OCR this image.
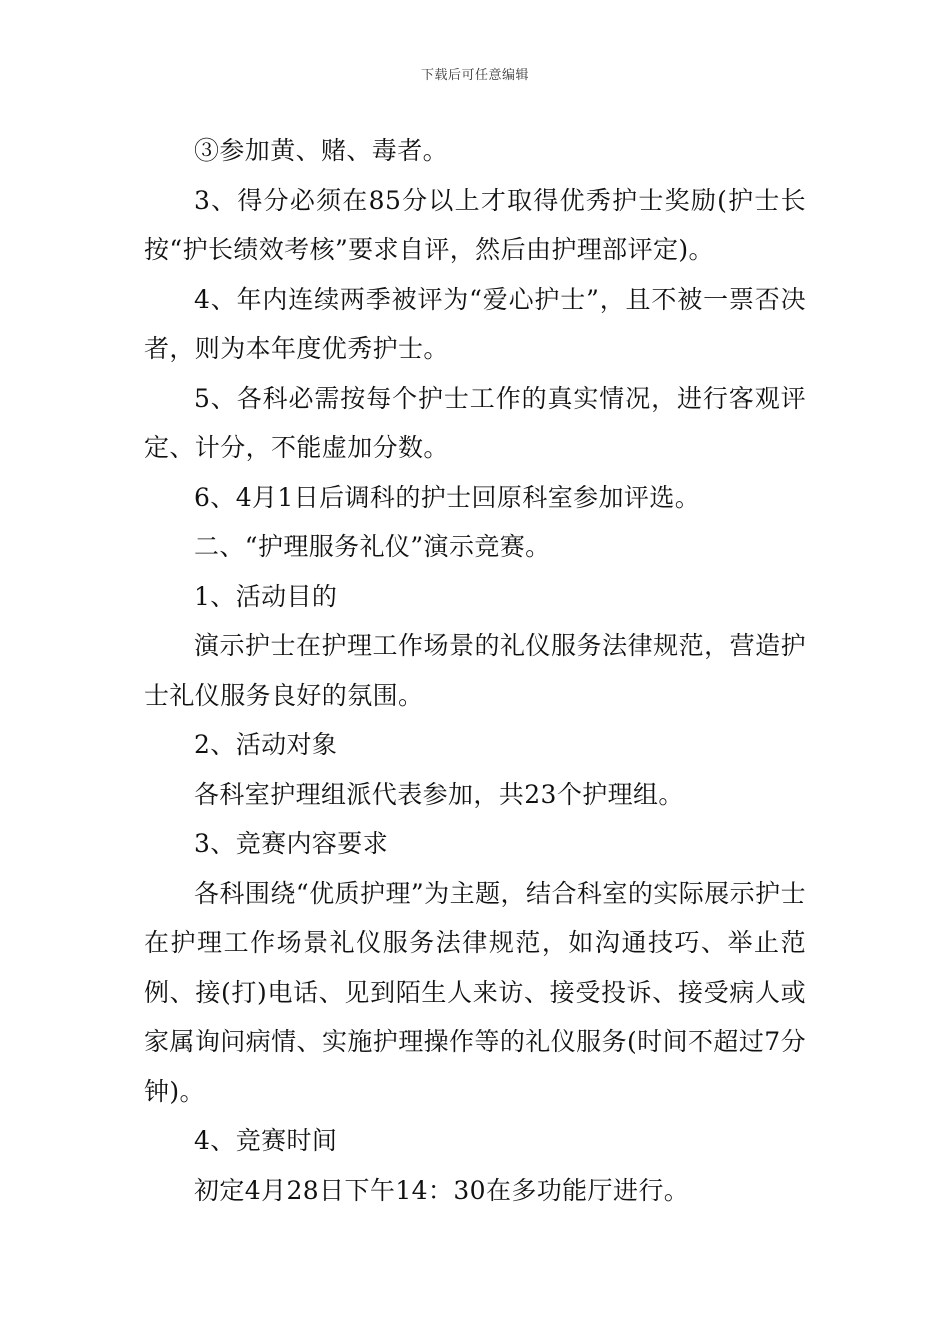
下载后可任意编辑

③参加黄、赌、毒者。

3、得分必须在85分以上才取得优秀护士奖励(护士长按“护长绩效考核”要求自评，然后由护理部评定)。

4、年内连续两季被评为“爱心护士”，且不被一票否决者，则为本年度优秀护士。

5、各科必需按每个护士工作的真实情况，进行客观评定、计分，不能虚加分数。

6、4月1日后调科的护士回原科室参加评选。

二、“护理服务礼仪”演示竞赛。

1、活动目的

演示护士在护理工作场景的礼仪服务法律规范，营造护士礼仪服务良好的氛围。

2、活动对象

各科室护理组派代表参加，共23个护理组。

3、竞赛内容要求

各科围绕“优质护理”为主题，结合科室的实际展示护士在护理工作场景礼仪服务法律规范，如沟通技巧、举止范例、接(打)电话、见到陌生人来访、接受投诉、接受病人或家属询问病情、实施护理操作等的礼仪服务(时间不超过7分钟)。

4、竞赛时间

初定4月28日下午14：30在多功能厅进行。
